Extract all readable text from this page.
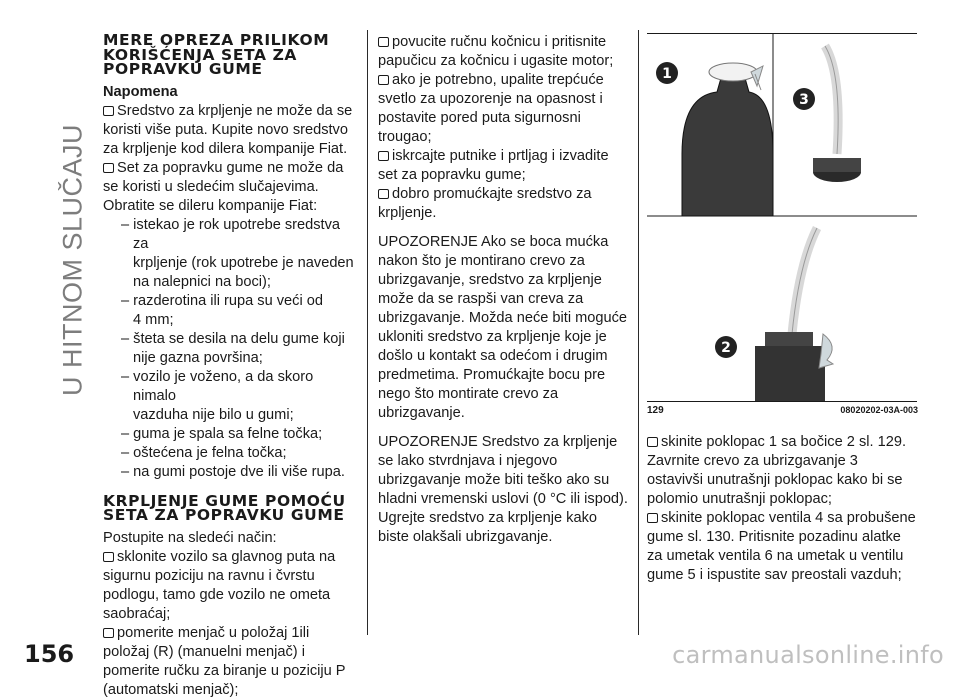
U HITNOM SLUČAJU
MERE OPREZA PRILIKOM KORIŠĆENJA SETA ZA POPRAVKU GUME

Napomena

Sredstvo za krpljenje ne može da se koristi više puta. Kupite novo sredstvo za krpljenje kod dilera kompanije Fiat.

Set za popravku gume ne može da se koristi u sledećim slučajevima. Obratite se dileru kompanije Fiat:

– istekao je rok upotrebe sredstva za
krpljenje (rok upotrebe je naveden na nalepnici na boci);

– razderotina ili rupa su veći od
4 mm;

– šteta se desila na delu gume koji
nije gazna površina;

– vozilo je voženo, a da skoro nimalo
vazduha nije bilo u gumi;

– guma je spala sa felne točka;

– oštećena je felna točka;

– na gumi postoje dve ili više rupa.

KRPLJENJE GUME POMOĆU SETA ZA POPRAVKU GUME

Postupite na sledeći način:

sklonite vozilo sa glavnog puta na sigurnu poziciju na ravnu i čvrstu podlogu, tamo gde vozilo ne ometa saobraćaj;

pomerite menjač u položaj 1ili položaj (R) (manuelni menjač) i pomerite ručku za biranje u poziciju P (automatski menjač);

povucite ručnu kočnicu i pritisnite papučicu za kočnicu i ugasite motor;

ako je potrebno, upalite trepćuće svetlo za upozorenje na opasnost i postavite pored puta sigurnosni trougao;

iskrcajte putnike i prtljag i izvadite set za popravku gume;

dobro promućkajte sredstvo za krpljenje.

UPOZORENJE Ako se boca mućka nakon što je montirano crevo za ubrizgavanje, sredstvo za krpljenje može da se raspši van creva za ubrizgavanje. Možda neće biti moguće ukloniti sredstvo za krpljenje koje je došlo u kontakt sa odećom i drugim predmetima. Promućkajte bocu pre nego što montirate crevo za ubrizgavanje.

UPOZORENJE Sredstvo za krpljenje se lako stvrdnjava i njegovo ubrizgavanje može biti teško ako su hladni vremenski uslovi (0 °C ili ispod). Ugrejte sredstvo za krpljenje kako biste olakšali ubrizgavanje.

1
3
2
129	08020202-03A-003

skinite poklopac 1 sa bočice 2 sl. 129. Zavrnite crevo za ubrizgavanje 3 ostavivši unutrašnji poklopac kako bi se polomio unutrašnji poklopac;

skinite poklopac ventila 4 sa probušene gume sl. 130. Pritisnite pozadinu alatke za umetak ventila 6 na umetak u ventilu gume 5 i ispustite sav preostali vazduh;

156	carmanualsonline.info
